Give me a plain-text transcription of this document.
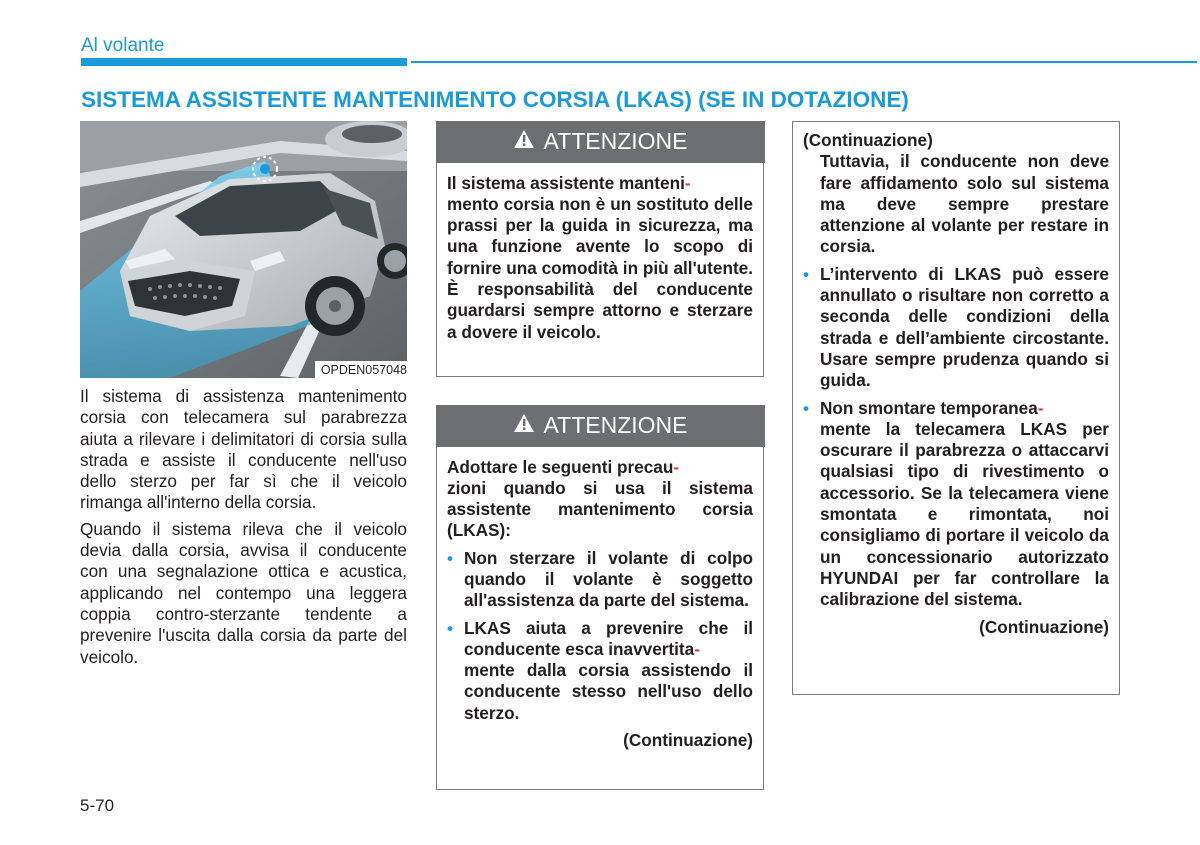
Al volante
SISTEMA ASSISTENTE MANTENIMENTO CORSIA (LKAS) (SE IN DOTAZIONE)
OPDEN057048

Il sistema di assistenza mantenimento corsia con telecamera sul parabrezza aiuta a rilevare i delimitatori di corsia sulla strada e assiste il conducente nell'uso dello sterzo per far sì che il veicolo rimanga all'interno della corsia.

Quando il sistema rileva che il veicolo devia dalla corsia, avvisa il conducente con una segnalazione ottica e acustica, applicando nel contempo una leggera coppia contro-sterzante tendente a prevenire l'uscita dalla corsia da parte del veicolo.

ATTENZIONE

Il sistema assistente manteni-
mento corsia non è un sostituto delle prassi per la guida in sicurezza, ma una funzione avente lo scopo di fornire una comodità in più all'utente. È responsabilità del conducente guardarsi sempre attorno e sterzare a dovere il veicolo.

ATTENZIONE

Adottare le seguenti precau-
zioni quando si usa il sistema assistente mantenimento corsia (LKAS):

• Non sterzare il volante di colpo quando il volante è soggetto all'assistenza da parte del sistema.
• LKAS aiuta a prevenire che il conducente esca inavvertita-
mente dalla corsia assistendo il conducente stesso nell'uso dello sterzo.
(Continuazione)
(Continuazione)

Tuttavia, il conducente non deve fare affidamento solo sul sistema ma deve sempre prestare attenzione al volante per restare in corsia.

• L’intervento di LKAS può essere annullato o risultare non corretto a seconda delle condizioni della strada e dell’ambiente circostante. Usare sempre prudenza quando si guida.
• Non smontare temporanea-
mente la telecamera LKAS per oscurare il parabrezza o attaccarvi qualsiasi tipo di rivestimento o accessorio. Se la telecamera viene smontata e rimontata, noi consigliamo di portare il veicolo da un concessionario autorizzato HYUNDAI per far controllare la calibrazione del sistema.
(Continuazione)
5-70
